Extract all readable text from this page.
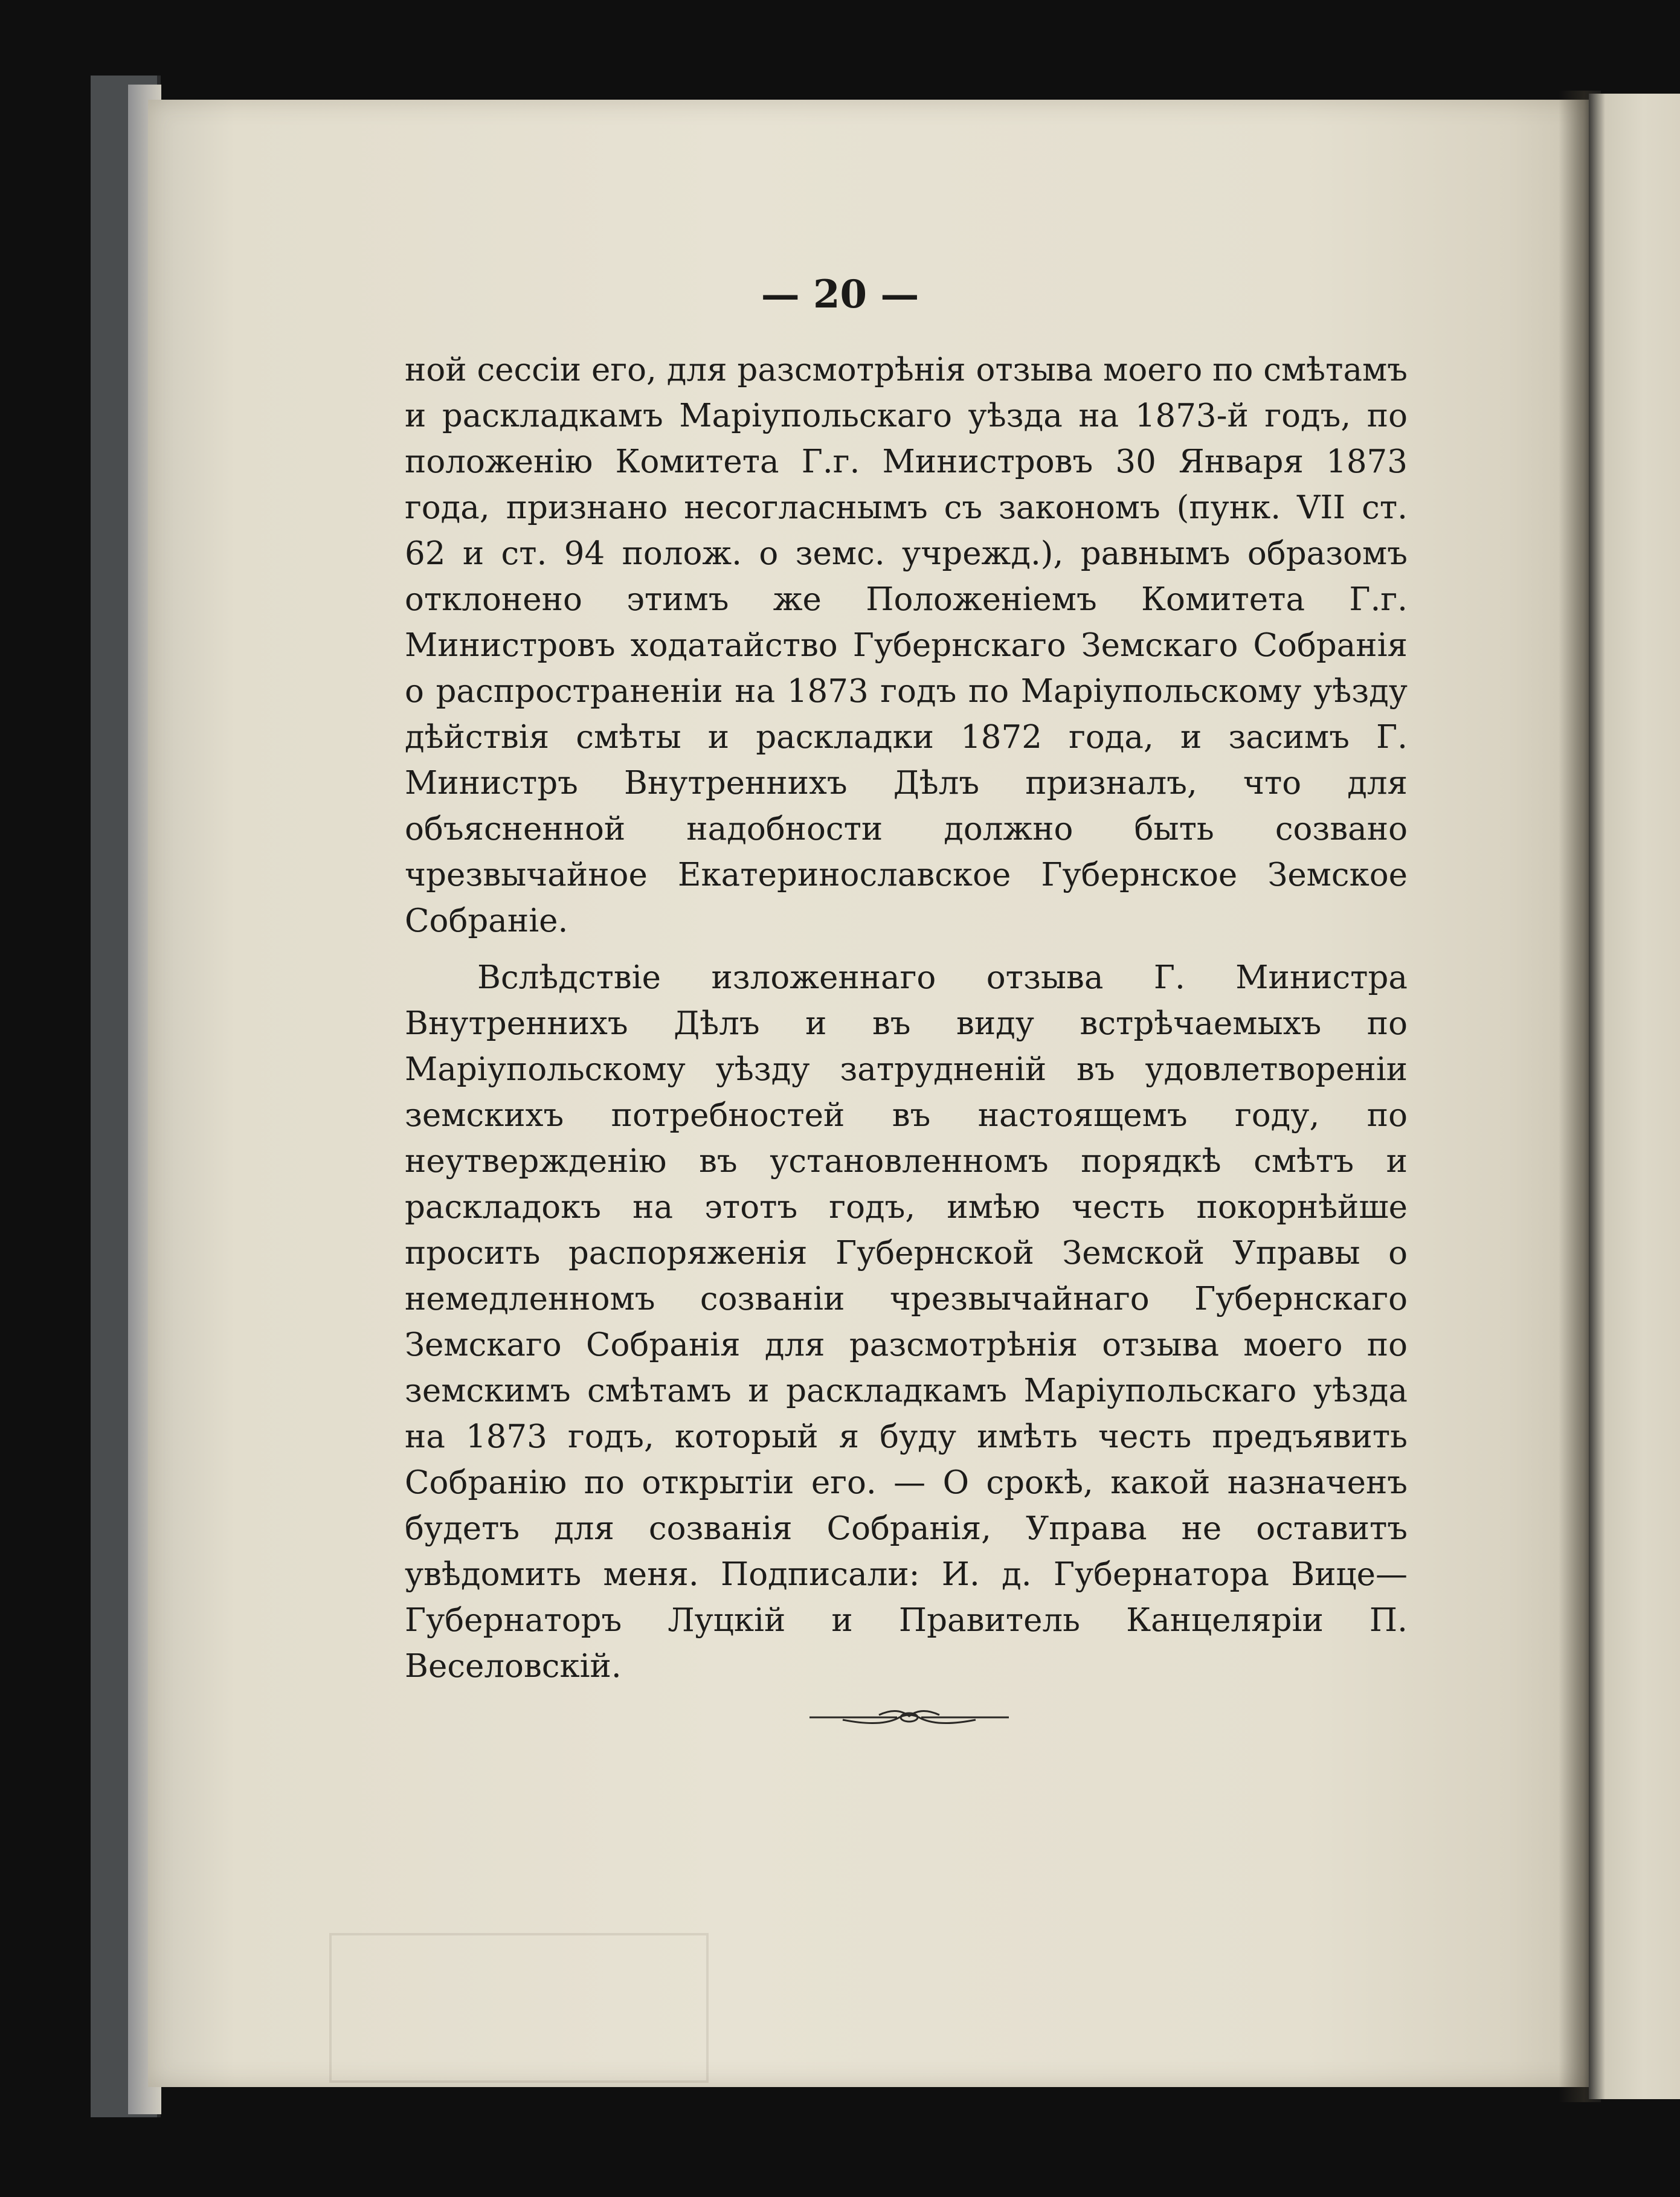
— 20 —

ной сессіи его, для разсмотрѣнія отзыва моего по смѣтамъ и раскладкамъ Маріупольскаго уѣзда на 1873-й годъ, по положенію Комитета Г.г. Министровъ 30 Января 1873 года, признано несогласнымъ съ закономъ (пунк. VII ст. 62 и ст. 94 полож. о земс. учрежд.), равнымъ образомъ отклонено этимъ же Положеніемъ Комитета Г.г. Министровъ ходатайство Губернскаго Земскаго Собранія о распространеніи на 1873 годъ по Маріупольскому уѣзду дѣйствія смѣты и раскладки 1872 года, и засимъ Г. Министръ Внутреннихъ Дѣлъ призналъ, что для объясненной надобности должно быть созвано чрезвычайное Екатеринославское Губернское Земское Собраніе.

Вслѣдствіе изложеннаго отзыва Г. Министра Внутреннихъ Дѣлъ и въ виду встрѣчаемыхъ по Маріупольскому уѣзду затрудненій въ удовлетвореніи земскихъ потребностей въ настоящемъ году, по неутвержденію въ установленномъ порядкѣ смѣтъ и раскладокъ на этотъ годъ, имѣю честь покорнѣйше просить распоряженія Губернской Земской Управы о немедленномъ созваніи чрезвычайнаго Губернскаго Земскаго Собранія для разсмотрѣнія отзыва моего по земскимъ смѣтамъ и раскладкамъ Маріупольскаго уѣзда на 1873 годъ, который я буду имѣть честь предъявить Собранію по открытіи его. — О срокѣ, какой назначенъ будетъ для созванія Собранія, Управа не оставитъ увѣдомить меня. Подписали: И. д. Губернатора Вице—Губернаторъ Луцкій и Правитель Канцеляріи П. Веселовскій.
